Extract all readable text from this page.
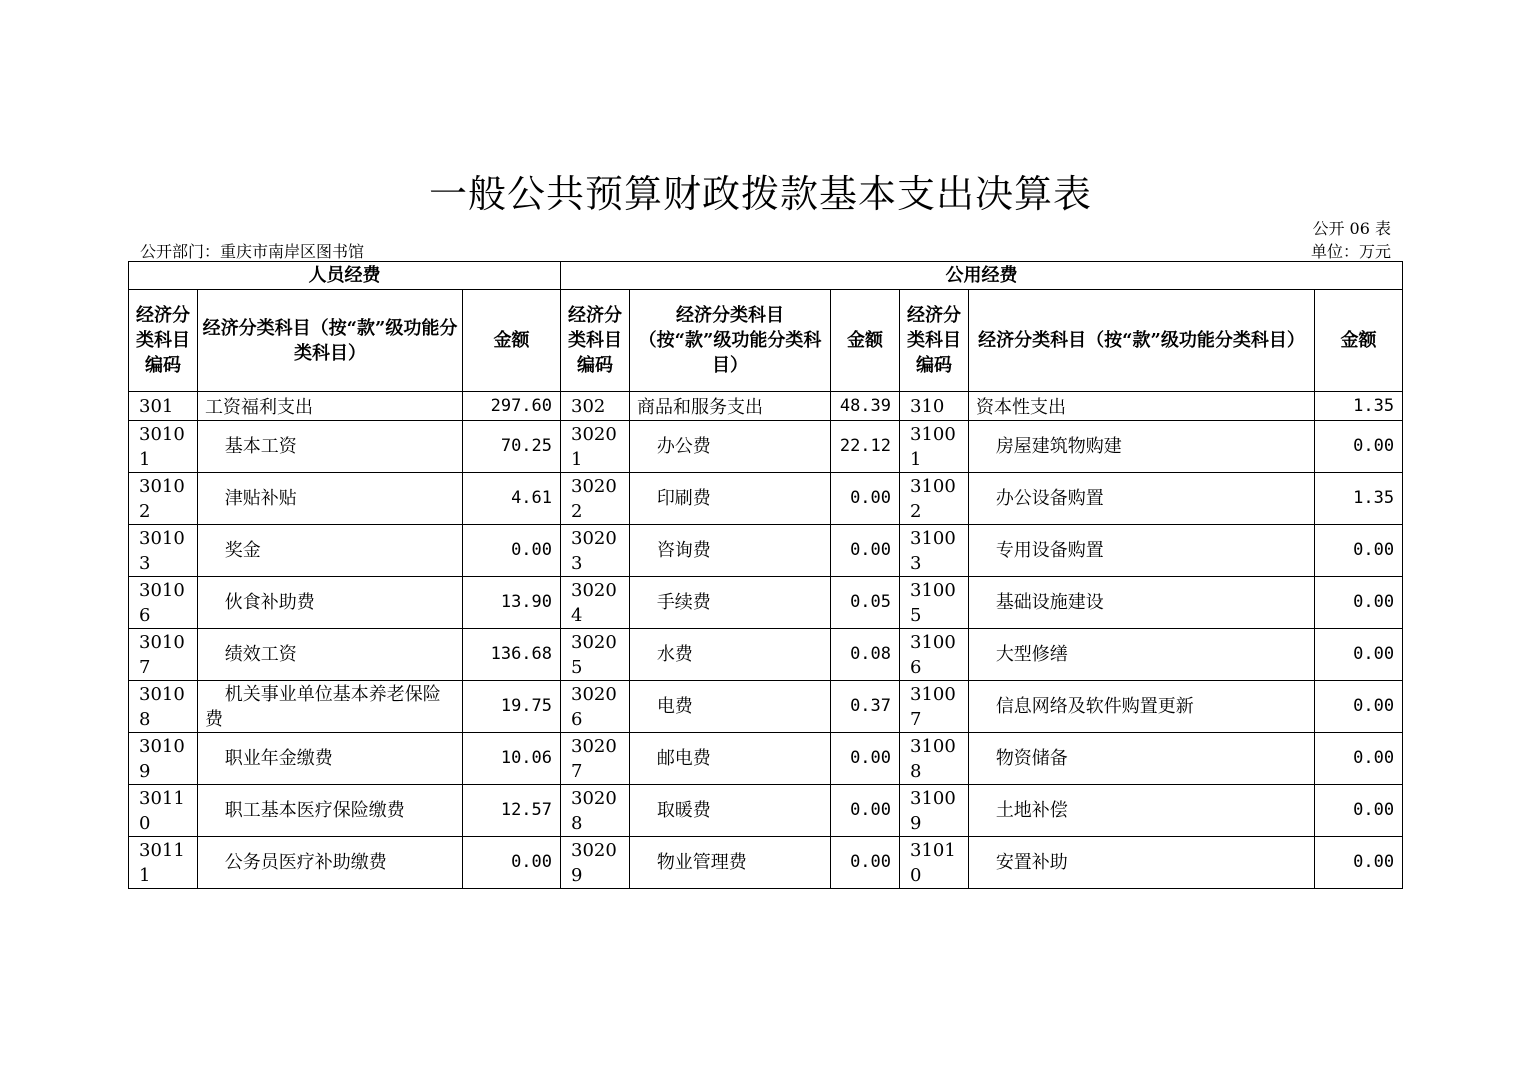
一般公共预算财政拨款基本支出决算表
公开 06 表
公开部门：重庆市南岸区图书馆	单位：万元
人员经费			公用经费					
经济分类科目编码	经济分类科目（按“款”级功能分类科目）	金额	经济分类科目编码	经济分类科目（按“款”级功能分类科目）	金额	经济分类科目编码	经济分类科目（按“款”级功能分类科目）	金额
301	工资福利支出	297.60	302	商品和服务支出	48.39	310	资本性支出	1.35
30101	基本工资	70.25	30201	办公费	22.12	31001	房屋建筑物购建	0.00
30102	津贴补贴	4.61	30202	印刷费	0.00	31002	办公设备购置	1.35
30103	奖金	0.00	30203	咨询费	0.00	31003	专用设备购置	0.00
30106	伙食补助费	13.90	30204	手续费	0.05	31005	基础设施建设	0.00
30107	绩效工资	136.68	30205	水费	0.08	31006	大型修缮	0.00
30108	机关事业单位基本养老保险费	19.75	30206	电费	0.37	31007	信息网络及软件购置更新	0.00
30109	职业年金缴费	10.06	30207	邮电费	0.00	31008	物资储备	0.00
30110	职工基本医疗保险缴费	12.57	30208	取暖费	0.00	31009	土地补偿	0.00
30111	公务员医疗补助缴费	0.00	30209	物业管理费	0.00	31010	安置补助	0.00
